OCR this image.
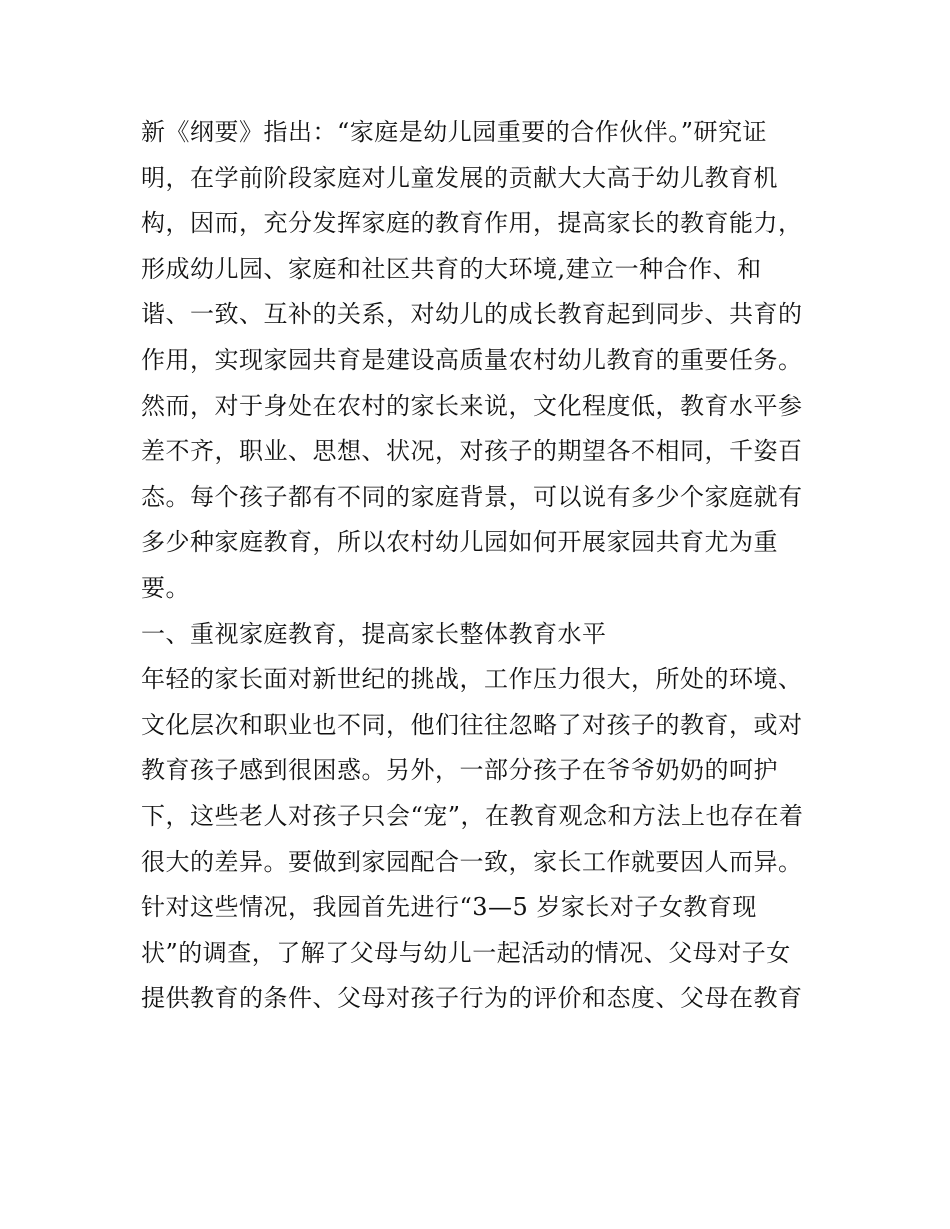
新《纲要》指出：“家庭是幼儿园重要的合作伙伴。”研究证
明，在学前阶段家庭对儿童发展的贡献大大高于幼儿教育机
构，因而，充分发挥家庭的教育作用，提高家长的教育能力，
形成幼儿园、家庭和社区共育的大环境,建立一种合作、和
谐、一致、互补的关系，对幼儿的成长教育起到同步、共育的
作用，实现家园共育是建设高质量农村幼儿教育的重要任务。
然而，对于身处在农村的家长来说，文化程度低，教育水平参
差不齐，职业、思想、状况，对孩子的期望各不相同，千姿百
态。每个孩子都有不同的家庭背景，可以说有多少个家庭就有
多少种家庭教育，所以农村幼儿园如何开展家园共育尤为重
要。
一、重视家庭教育，提高家长整体教育水平
年轻的家长面对新世纪的挑战，工作压力很大，所处的环境、
文化层次和职业也不同，他们往往忽略了对孩子的教育，或对
教育孩子感到很困惑。另外，一部分孩子在爷爷奶奶的呵护
下，这些老人对孩子只会“宠”，在教育观念和方法上也存在着
很大的差异。要做到家园配合一致，家长工作就要因人而异。
针对这些情况，我园首先进行“3—5 岁家长对子女教育现
状”的调查，了解了父母与幼儿一起活动的情况、父母对子女
提供教育的条件、父母对孩子行为的评价和态度、父母在教育
